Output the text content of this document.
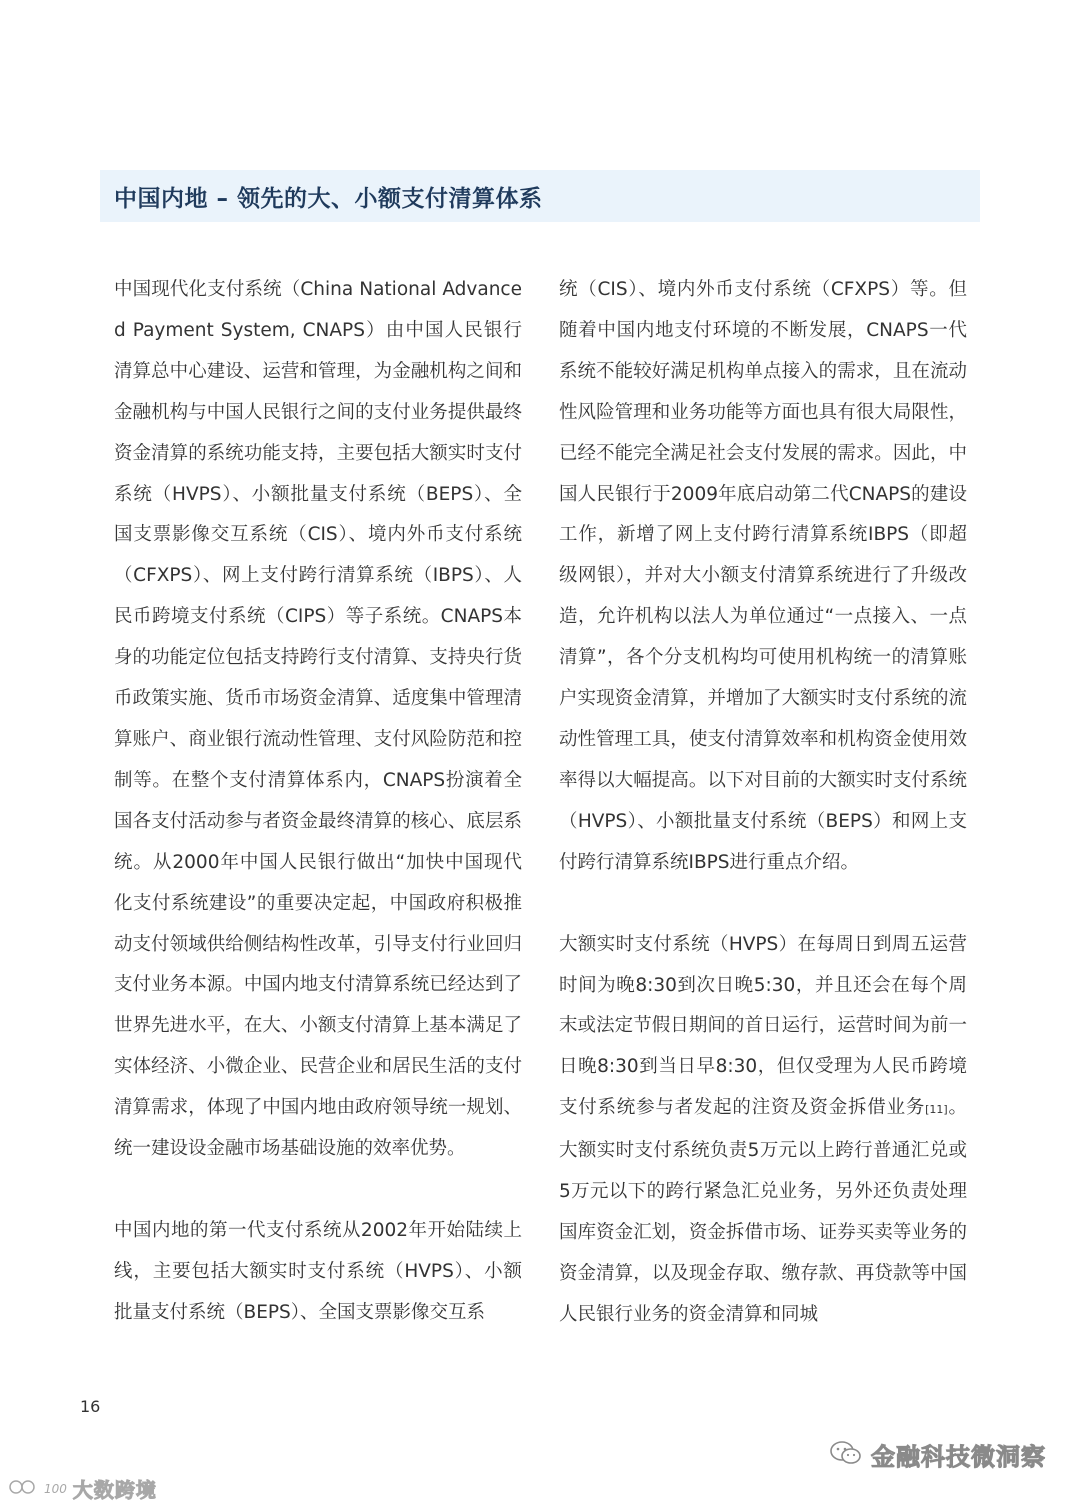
中国内地 – 领先的大、小额支付清算体系

中国现代化支付系统（China National Advanced Payment System, CNAPS）由中国人民银行清算总中心建设、运营和管理，为金融机构之间和金融机构与中国人民银行之间的支付业务提供最终资金清算的系统功能支持，主要包括大额实时支付系统（HVPS）、小额批量支付系统（BEPS）、全国支票影像交互系统（CIS）、境内外币支付系统（CFXPS）、网上支付跨行清算系统（IBPS）、人民币跨境支付系统（CIPS）等子系统。CNAPS本身的功能定位包括支持跨行支付清算、支持央行货币政策实施、货币市场资金清算、适度集中管理清算账户、商业银行流动性管理、支付风险防范和控制等。在整个支付清算体系内，CNAPS扮演着全国各支付活动参与者资金最终清算的核心、底层系统。从2000年中国人民银行做出“加快中国现代化支付系统建设”的重要决定起，中国政府积极推动支付领域供给侧结构性改革，引导支付行业回归支付业务本源。中国内地支付清算系统已经达到了世界先进水平，在大、小额支付清算上基本满足了实体经济、小微企业、民营企业和居民生活的支付清算需求，体现了中国内地由政府领导统一规划、统一建设设金融市场基础设施的效率优势。

中国内地的第一代支付系统从2002年开始陆续上线，主要包括大额实时支付系统（HVPS）、小额批量支付系统（BEPS）、全国支票影像交互系

统（CIS）、境内外币支付系统（CFXPS）等。但随着中国内地支付环境的不断发展，CNAPS一代系统不能较好满足机构单点接入的需求，且在流动性风险管理和业务功能等方面也具有很大局限性，已经不能完全满足社会支付发展的需求。因此，中国人民银行于2009年底启动第二代CNAPS的建设工作，新增了网上支付跨行清算系统IBPS（即超级网银），并对大小额支付清算系统进行了升级改造，允许机构以法人为单位通过“一点接入、一点清算”，各个分支机构均可使用机构统一的清算账户实现资金清算，并增加了大额实时支付系统的流动性管理工具，使支付清算效率和机构资金使用效率得以大幅提高。以下对目前的大额实时支付系统（HVPS）、小额批量支付系统（BEPS）和网上支付跨行清算系统IBPS进行重点介绍。

大额实时支付系统（HVPS）在每周日到周五运营时间为晚8:30到次日晚5:30，并且还会在每个周末或法定节假日期间的首日运行，运营时间为前一日晚8:30到当日早8:30，但仅受理为人民币跨境支付系统参与者发起的注资及资金拆借业务[11]。大额实时支付系统负责5万元以上跨行普通汇兑或5万元以下的跨行紧急汇兑业务，另外还负责处理国库资金汇划，资金拆借市场、证券买卖等业务的资金清算，以及现金存取、缴存款、再贷款等中国人民银行业务的资金清算和同城

16
100 大数跨境
金融科技微洞察
